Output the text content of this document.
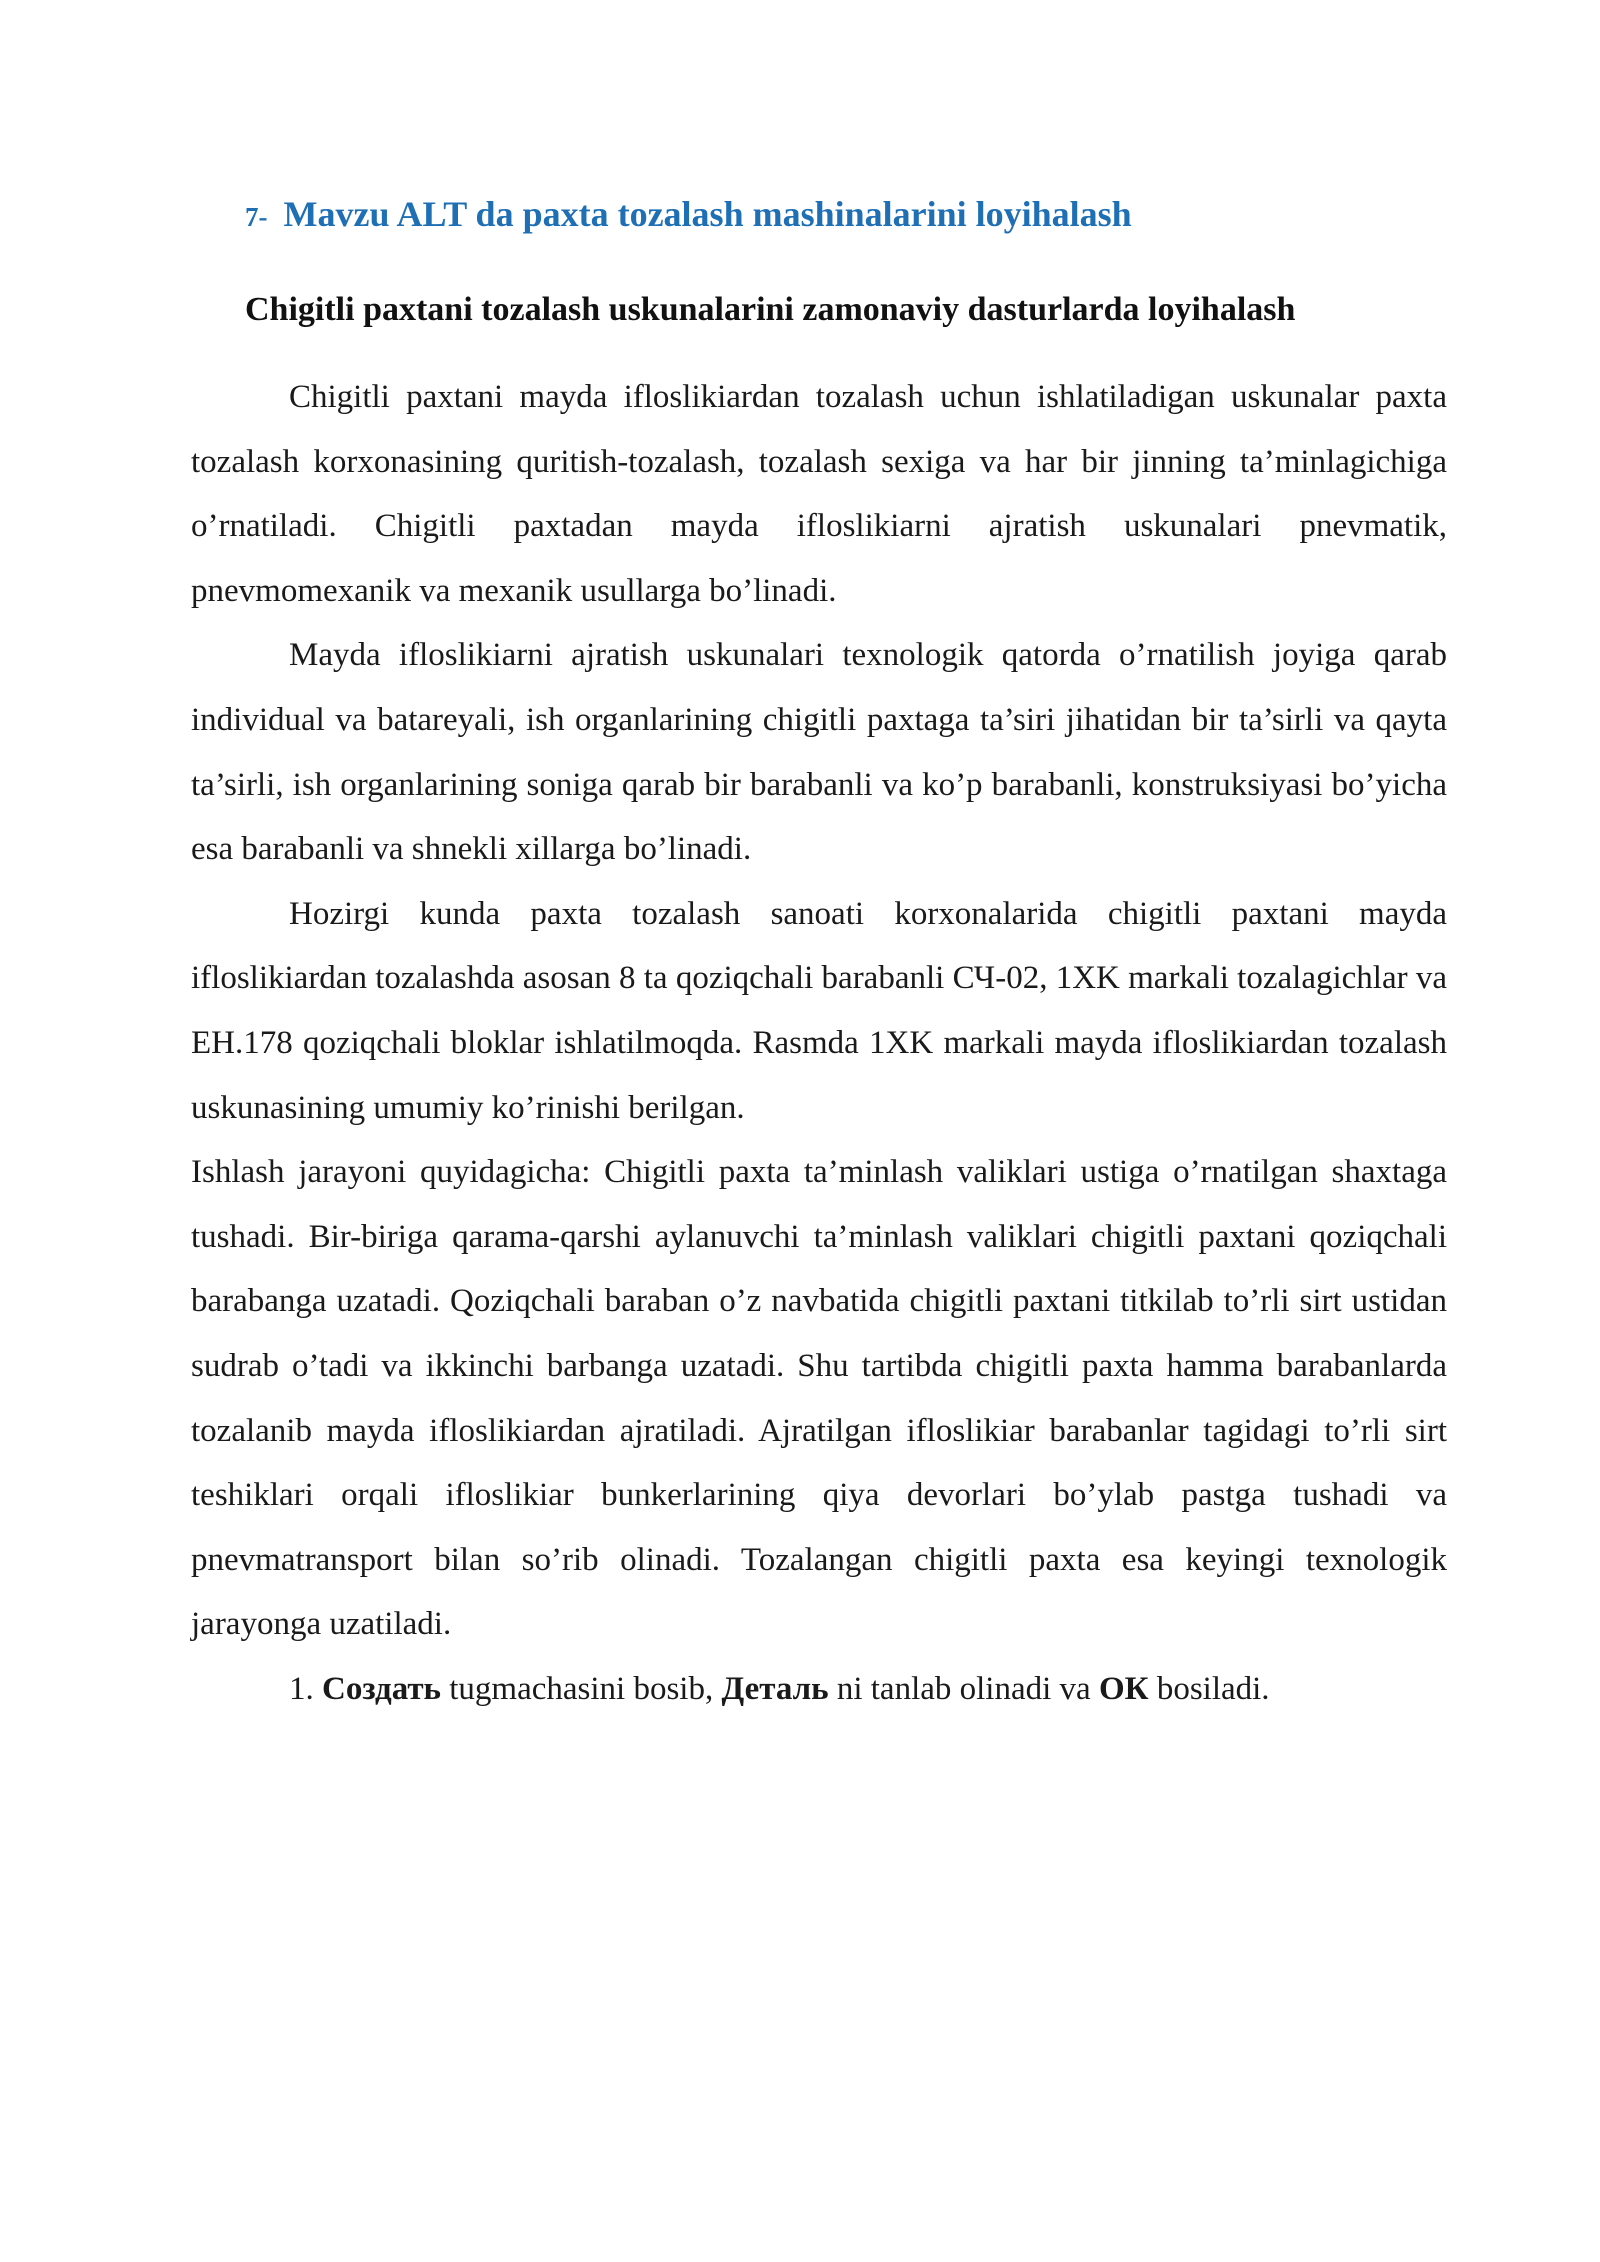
7- Mavzu ALT da paxta tozalash mashinalarini loyihalash
Chigitli paxtani tozalash uskunalarini zamonaviy dasturlarda loyihalash

Chigitli paxtani mayda ifloslikiardan tozalash uchun ishlatiladigan uskunalar paxta tozalash korxonasining quritish-tozalash, tozalash sexiga va har bir jinning ta’minlagichiga o’rnatiladi. Chigitli paxtadan mayda ifloslikiarni ajratish uskunalari pnevmatik, pnevmomexanik va mexanik usullarga bo’linadi.

Mayda ifloslikiarni ajratish uskunalari texnologik qatorda o’rnatilish joyiga qarab individual va batareyali, ish organlarining chigitli paxtaga ta’siri jihatidan bir ta’sirli va qayta ta’sirli, ish organlarining soniga qarab bir barabanli va ko’p barabanli, konstruksiyasi bo’yicha esa barabanli va shnekli xillarga bo’linadi.

Hozirgi kunda paxta tozalash sanoati korxonalarida chigitli paxtani mayda ifloslikiardan tozalashda asosan 8 ta qoziqchali barabanli СЧ-02, 1XK markali tozalagichlar va EH.178 qoziqchali bloklar ishlatilmoqda. Rasmda 1XK markali mayda ifloslikiardan tozalash uskunasining umumiy ko’rinishi berilgan.

Ishlash jarayoni quyidagicha: Chigitli paxta ta’minlash valiklari ustiga o’rnatilgan shaxtaga tushadi. Bir-biriga qarama-qarshi aylanuvchi ta’minlash valiklari chigitli paxtani qoziqchali barabanga uzatadi. Qoziqchali baraban o’z navbatida chigitli paxtani titkilab to’rli sirt ustidan sudrab o’tadi va ikkinchi barbanga uzatadi. Shu tartibda chigitli paxta hamma barabanlarda tozalanib mayda ifloslikiardan ajratiladi. Ajratilgan ifloslikiar barabanlar tagidagi to’rli sirt teshiklari orqali ifloslikiar bunkerlarining qiya devorlari bo’ylab pastga tushadi va pnevmatransport bilan so’rib olinadi. Tozalangan chigitli paxta esa keyingi texnologik jarayonga uzatiladi.

1. Создать tugmachasini bosib, Деталь ni tanlab olinadi va ОК bosiladi.
